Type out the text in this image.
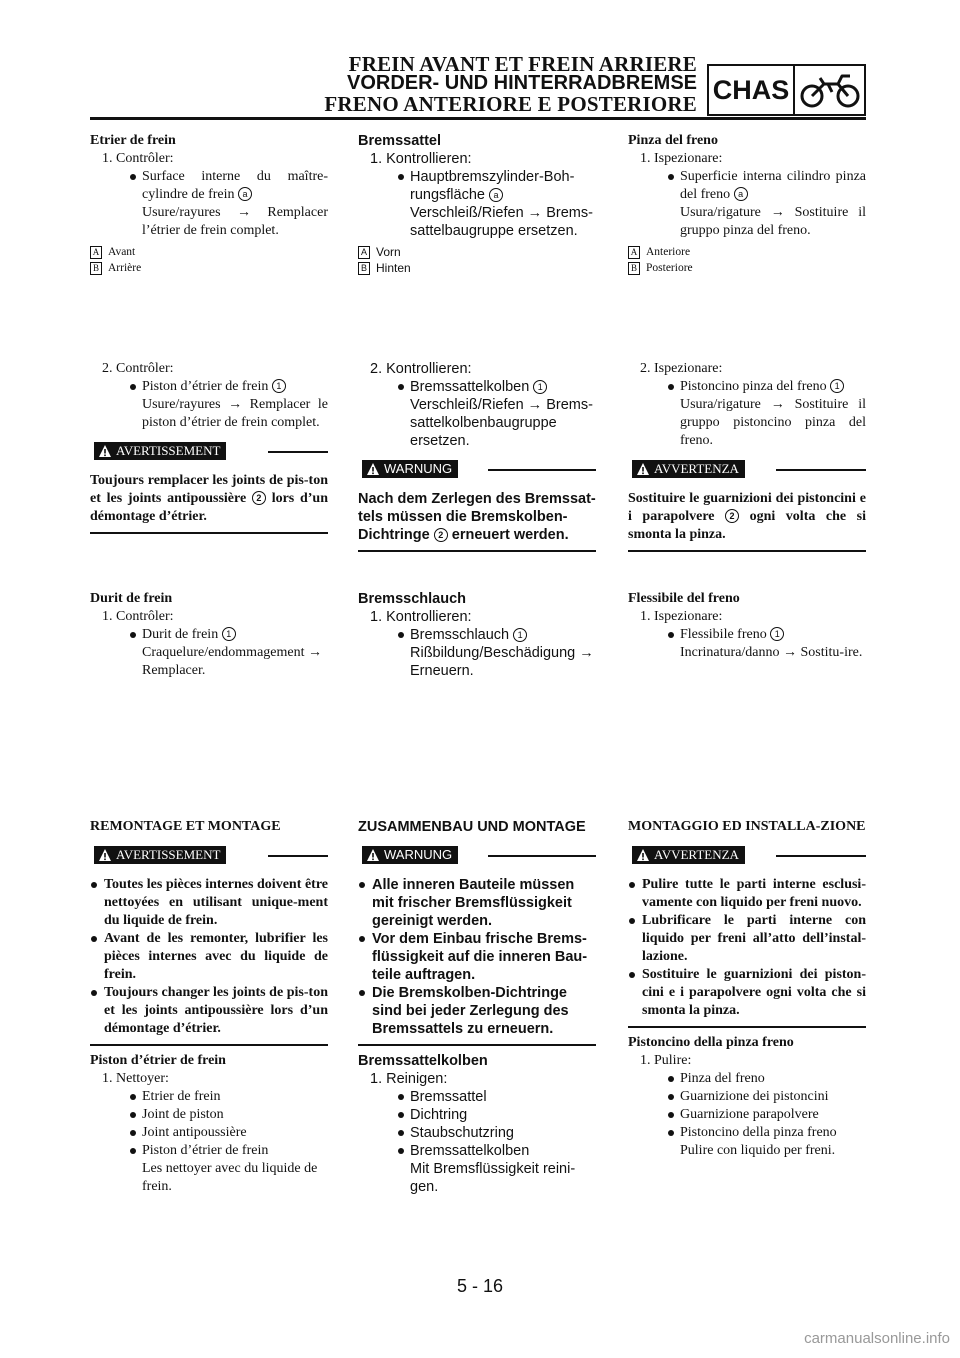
FREIN AVANT ET FREIN ARRIERE
VORDER- UND HINTERRADBREMSE
FRENO ANTERIORE E POSTERIORE CHAS
Etrier de frein
1. Contrôler:
Surface interne du maître-cylindre de frein a
Usure/rayures → Remplacer l’étrier de frein complet.
A Avant
B Arrière
2. Contrôler:
Piston d’étrier de frein 1
Usure/rayures → Remplacer le piston d’étrier de frein complet.
AVERTISSEMENT
Toujours remplacer les joints de pis-ton et les joints antipoussière 2 lors d’un démontage d’étrier.
Durit de frein
1. Contrôler:
Durit de frein 1
Craquelure/endommagement → Remplacer.
REMONTAGE ET MONTAGE
AVERTISSEMENT
Toutes les pièces internes doivent être nettoyées en utilisant unique-ment du liquide de frein.
Avant de les remonter, lubrifier les pièces internes avec du liquide de frein.
Toujours changer les joints de pis-ton et les joints antipoussière lors d’un démontage d’étrier.
Piston d’étrier de frein
1. Nettoyer:
Etrier de frein
Joint de piston
Joint antipoussière
Piston d’étrier de frein
Les nettoyer avec du liquide de frein.
Bremssattel
1. Kontrollieren:
Hauptbremszylinder-Boh-rungsfläche a
Verschleiß/Riefen → Brems-sattelbaugruppe ersetzen.
A Vorn
B Hinten
2. Kontrollieren:
Bremssattelkolben 1
Verschleiß/Riefen → Brems-sattelkolbenbaugruppe ersetzen.
WARNUNG
Nach dem Zerlegen des Bremssat-tels müssen die Bremskolben-Dichtringe 2 erneuert werden.
Bremsschlauch
1. Kontrollieren:
Bremsschlauch 1
Rißbildung/Beschädigung → Erneuern.
ZUSAMMENBAU UND MONTAGE
WARNUNG
Alle inneren Bauteile müssen mit frischer Bremsflüssigkeit gereinigt werden.
Vor dem Einbau frische Brems-flüssigkeit auf die inneren Bau-teile auftragen.
Die Bremskolben-Dichtringe sind bei jeder Zerlegung des Bremssattels zu erneuern.
Bremssattelkolben
1. Reinigen:
Bremssattel
Dichtring
Staubschutzring
Bremssattelkolben
Mit Bremsflüssigkeit reini-gen.
Pinza del freno
1. Ispezionare:
Superficie interna cilindro pinza del freno a
Usura/rigature → Sostituire il gruppo pinza del freno.
A Anteriore
B Posteriore
2. Ispezionare:
Pistoncino pinza del freno 1
Usura/rigature → Sostituire il gruppo pistoncino pinza del freno.
AVVERTENZA
Sostituire le guarnizioni dei pistoncini e i parapolvere 2 ogni volta che si smonta la pinza.
Flessibile del freno
1. Ispezionare:
Flessibile freno 1
Incrinatura/danno → Sostitu-ire.
MONTAGGIO ED INSTALLA-ZIONE
AVVERTENZA
Pulire tutte le parti interne esclusi-vamente con liquido per freni nuovo.
Lubrificare le parti interne con liquido per freni all’atto dell’instal-lazione.
Sostituire le guarnizioni dei piston-cini e i parapolvere ogni volta che si smonta la pinza.
Pistoncino della pinza freno
1. Pulire:
Pinza del freno
Guarnizione dei pistoncini
Guarnizione parapolvere
Pistoncino della pinza freno
Pulire con liquido per freni.
5 - 16
carmanualsonline.info
